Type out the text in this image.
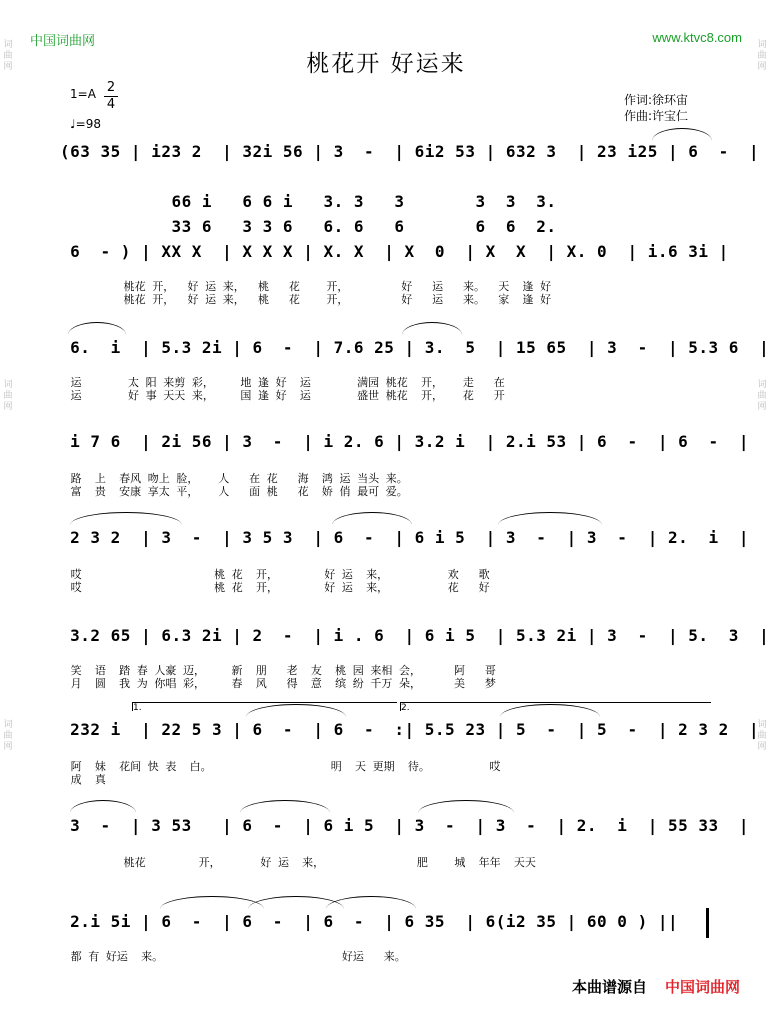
中国词曲网	www.ktvc8.com
桃花开 好运来
$1=A \frac{2}{4}$
♩=98
作词:徐环宙
作曲:许宝仁
(63 35 | i23 2  | 32i 56 | 3  -  | 6i2 53 | 632 3  | 23 i25 | 6  -  |
66 i   6 6 i   3. 3   3       3  3  3.
33 6   3 3 6   6. 6   6       6  6  2.
6  - ) | XX X  | X X X | X. X  | X  0  | X  X  | X. 0  | i.6 3i |
桃花 开，  好 运 来，  桃   花    开，        好   运   来。  天  逢 好
桃花 开，  好 运 来，  桃   花    开，        好   运   来。  家  逢 好
6.  i  | 5.3 2i | 6  -  | 7.6 25 | 3.  5  | 15 65  | 3  -  | 5.3 6  |
运       太 阳 来剪 彩，    地 逢 好  运       满园 桃花  开，   走   在
运       好 事 天天 来，    国 逢 好  运       盛世 桃花  开，   花   开
i 7 6  | 2i 56 | 3  -  | i 2. 6 | 3.2 i  | 2.i 53 | 6  -  | 6  -  |
路  上  春风 吻上 脸，   人   在 花   海  鸿 运 当头 来。
富  贵  安康 享太 平，   人   面 桃   花  娇 俏 最可 爱。
2 3 2  | 3  -  | 3 5 3  | 6  -  | 6 i 5  | 3  -  | 3  -  | 2.  i  |
哎                    桃 花  开，       好 运  来，         欢   歌
哎                    桃 花  开，       好 运  来，         花   好
3.2 65 | 6.3 2i | 2  -  | i . 6  | 6 i 5  | 5.3 2i | 3  -  | 5.  3  |
笑  语  踏 春 人豪 迈，    新  朋   老  友  桃 园 来相 会，     阿   哥
月  圆  我 为 你唱 彩，    春  风   得  意  缤 纷 千万 朵，     美   梦
232 i  | 22 5 3 | 6  -  | 6  -  :| 5.5 23 | 5  -  | 5  -  | 2 3 2  |
阿  妹  花间 快 表  白。                  明  天 更期  待。         哎
成  真
3  -  | 3 53   | 6  -  | 6 i 5  | 3  -  | 3  -  | 2.  i  | 55 33  |
桃花        开，      好 运  来，              肥    城  年年  天天
2.i 5i | 6  -  | 6  -  | 6  -  | 6 35  | 6(i2 35 | 60 0 ) ||
都 有 好运  来。                           好运   来。
1.	2.
词曲网
词曲网
词曲网
词曲网
词曲网
词曲网
本曲谱源自 中国词曲网
